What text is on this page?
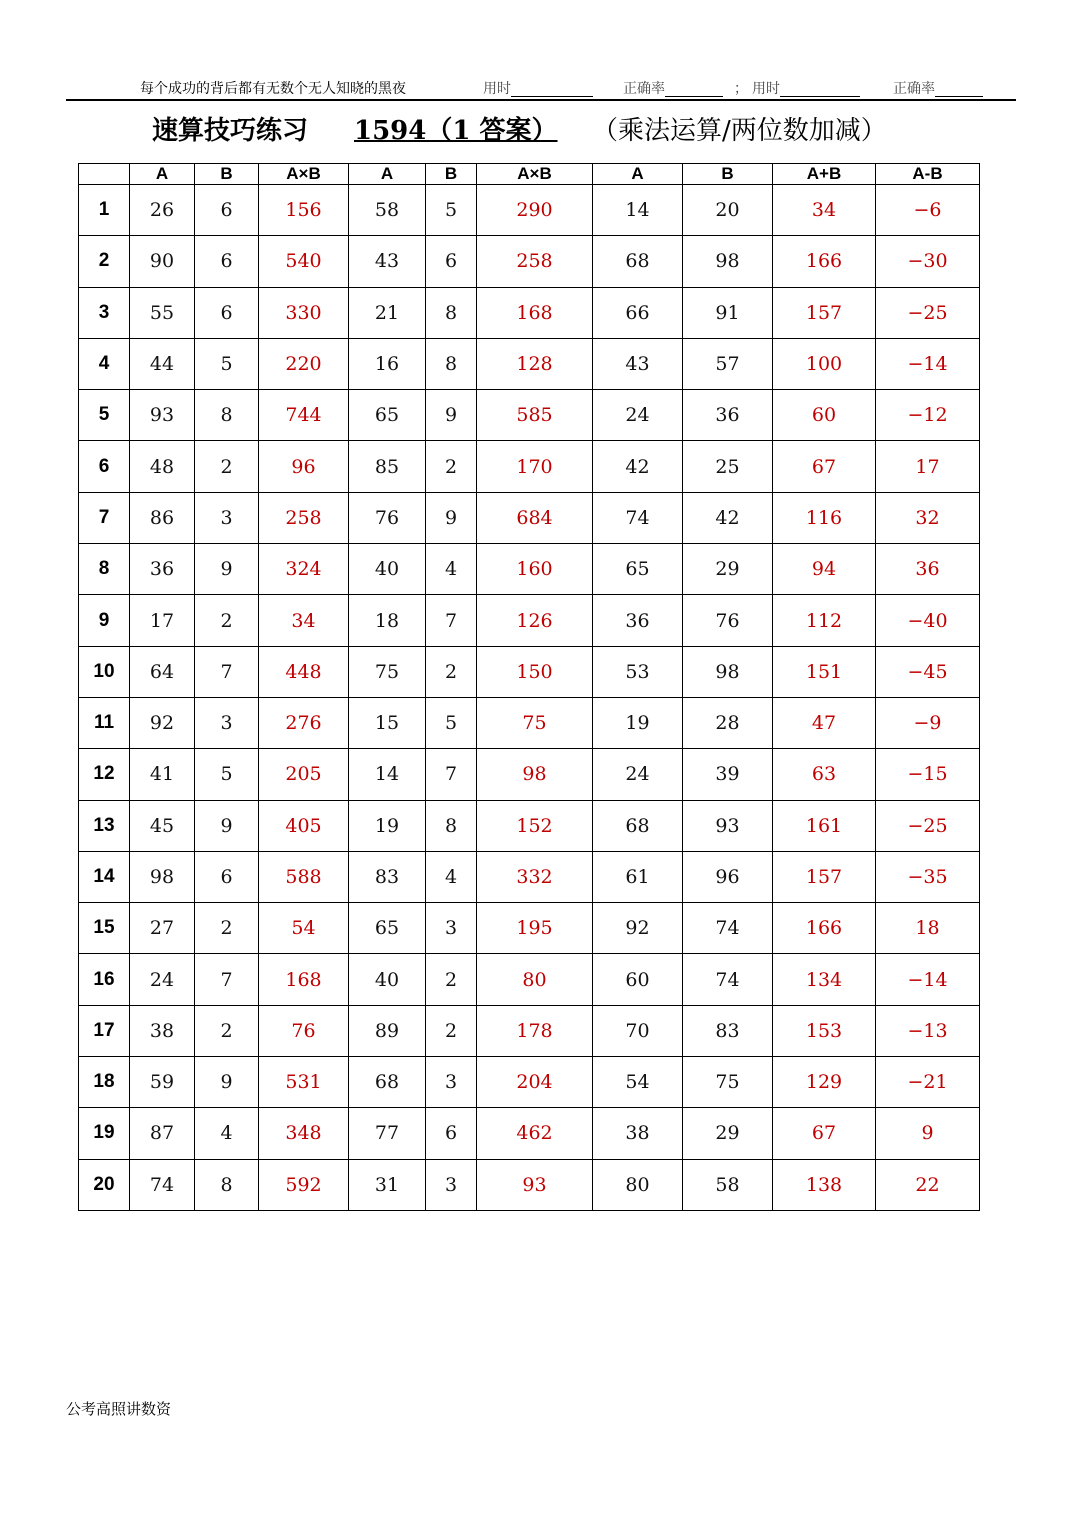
每个成功的背后都有无数个无人知晓的黑夜	用时	正确率	； 用时	正确率
速算技巧练习 1594（1 答案） （乘法运算/两位数加减）
	A	B	A×B	A	B	A×B	A	B	A+B	A-B
1	26	6	156	58	5	290	14	20	34	−6
2	90	6	540	43	6	258	68	98	166	−30
3	55	6	330	21	8	168	66	91	157	−25
4	44	5	220	16	8	128	43	57	100	−14
5	93	8	744	65	9	585	24	36	60	−12
6	48	2	96	85	2	170	42	25	67	17
7	86	3	258	76	9	684	74	42	116	32
8	36	9	324	40	4	160	65	29	94	36
9	17	2	34	18	7	126	36	76	112	−40
10	64	7	448	75	2	150	53	98	151	−45
11	92	3	276	15	5	75	19	28	47	−9
12	41	5	205	14	7	98	24	39	63	−15
13	45	9	405	19	8	152	68	93	161	−25
14	98	6	588	83	4	332	61	96	157	−35
15	27	2	54	65	3	195	92	74	166	18
16	24	7	168	40	2	80	60	74	134	−14
17	38	2	76	89	2	178	70	83	153	−13
18	59	9	531	68	3	204	54	75	129	−21
19	87	4	348	77	6	462	38	29	67	9
20	74	8	592	31	3	93	80	58	138	22
公考高照讲数资
